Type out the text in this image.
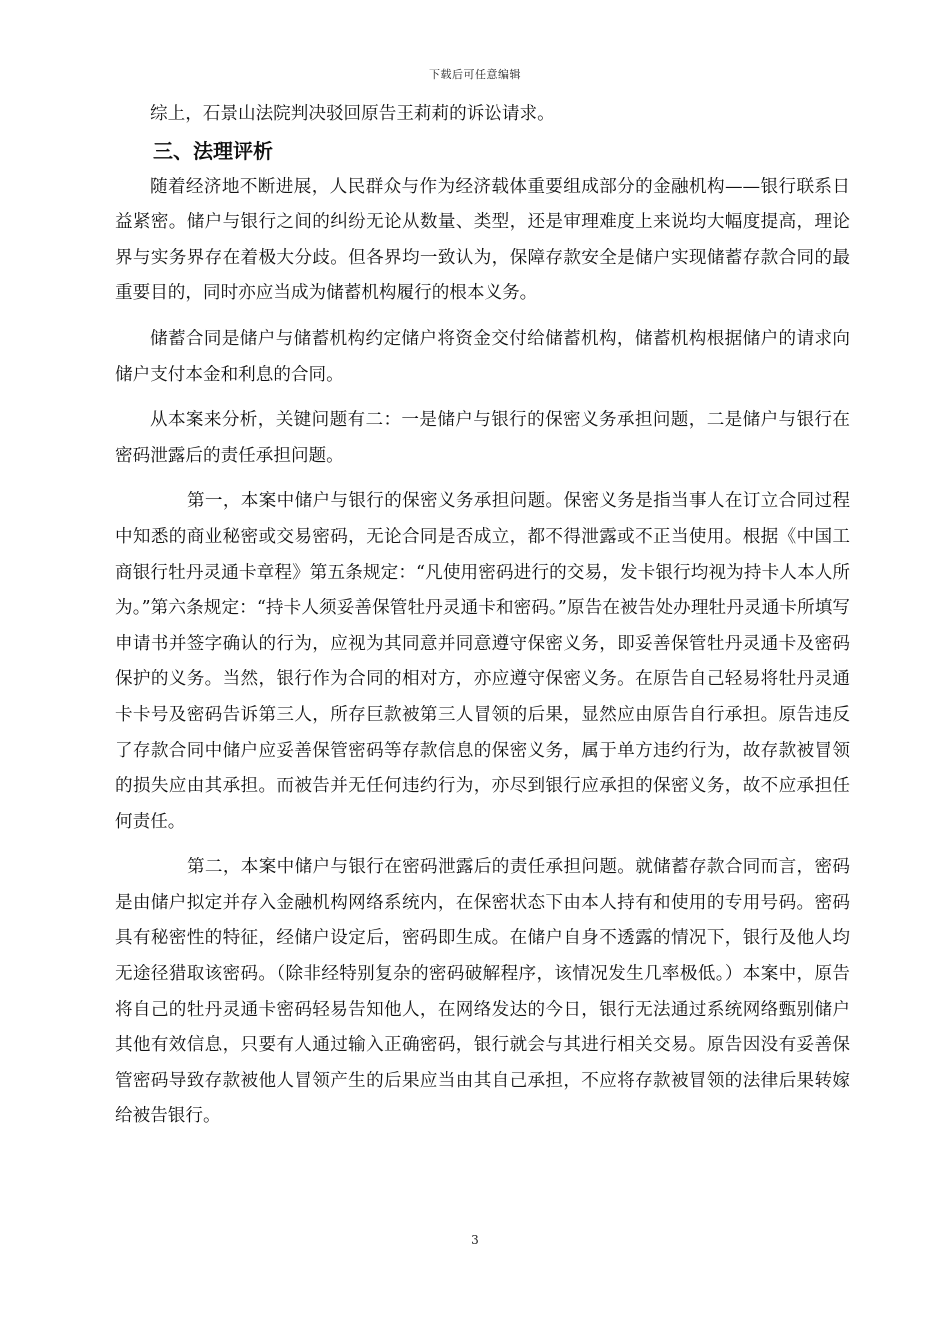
下载后可任意编辑

综上，石景山法院判决驳回原告王莉莉的诉讼请求。

三、法理评析

随着经济地不断进展，人民群众与作为经济载体重要组成部分的金融机构——银行联系日益紧密。储户与银行之间的纠纷无论从数量、类型，还是审理难度上来说均大幅度提高，理论界与实务界存在着极大分歧。但各界均一致认为，保障存款安全是储户实现储蓄存款合同的最重要目的，同时亦应当成为储蓄机构履行的根本义务。

储蓄合同是储户与储蓄机构约定储户将资金交付给储蓄机构，储蓄机构根据储户的请求向储户支付本金和利息的合同。

从本案来分析，关键问题有二：一是储户与银行的保密义务承担问题，二是储户与银行在密码泄露后的责任承担问题。

第一，本案中储户与银行的保密义务承担问题。保密义务是指当事人在订立合同过程中知悉的商业秘密或交易密码，无论合同是否成立，都不得泄露或不正当使用。根据《中国工商银行牡丹灵通卡章程》第五条规定：“凡使用密码进行的交易，发卡银行均视为持卡人本人所为。”第六条规定：“持卡人须妥善保管牡丹灵通卡和密码。”原告在被告处办理牡丹灵通卡所填写申请书并签字确认的行为，应视为其同意并同意遵守保密义务，即妥善保管牡丹灵通卡及密码保护的义务。当然，银行作为合同的相对方，亦应遵守保密义务。在原告自己轻易将牡丹灵通卡卡号及密码告诉第三人，所存巨款被第三人冒领的后果，显然应由原告自行承担。原告违反了存款合同中储户应妥善保管密码等存款信息的保密义务，属于单方违约行为，故存款被冒领的损失应由其承担。而被告并无任何违约行为，亦尽到银行应承担的保密义务，故不应承担任何责任。

第二，本案中储户与银行在密码泄露后的责任承担问题。就储蓄存款合同而言，密码是由储户拟定并存入金融机构网络系统内，在保密状态下由本人持有和使用的专用号码。密码具有秘密性的特征，经储户设定后，密码即生成。在储户自身不透露的情况下，银行及他人均无途径猎取该密码。（除非经特别复杂的密码破解程序，该情况发生几率极低。）本案中，原告将自己的牡丹灵通卡密码轻易告知他人，在网络发达的今日，银行无法通过系统网络甄别储户其他有效信息，只要有人通过输入正确密码，银行就会与其进行相关交易。原告因没有妥善保管密码导致存款被他人冒领产生的后果应当由其自己承担，不应将存款被冒领的法律后果转嫁给被告银行。

3
